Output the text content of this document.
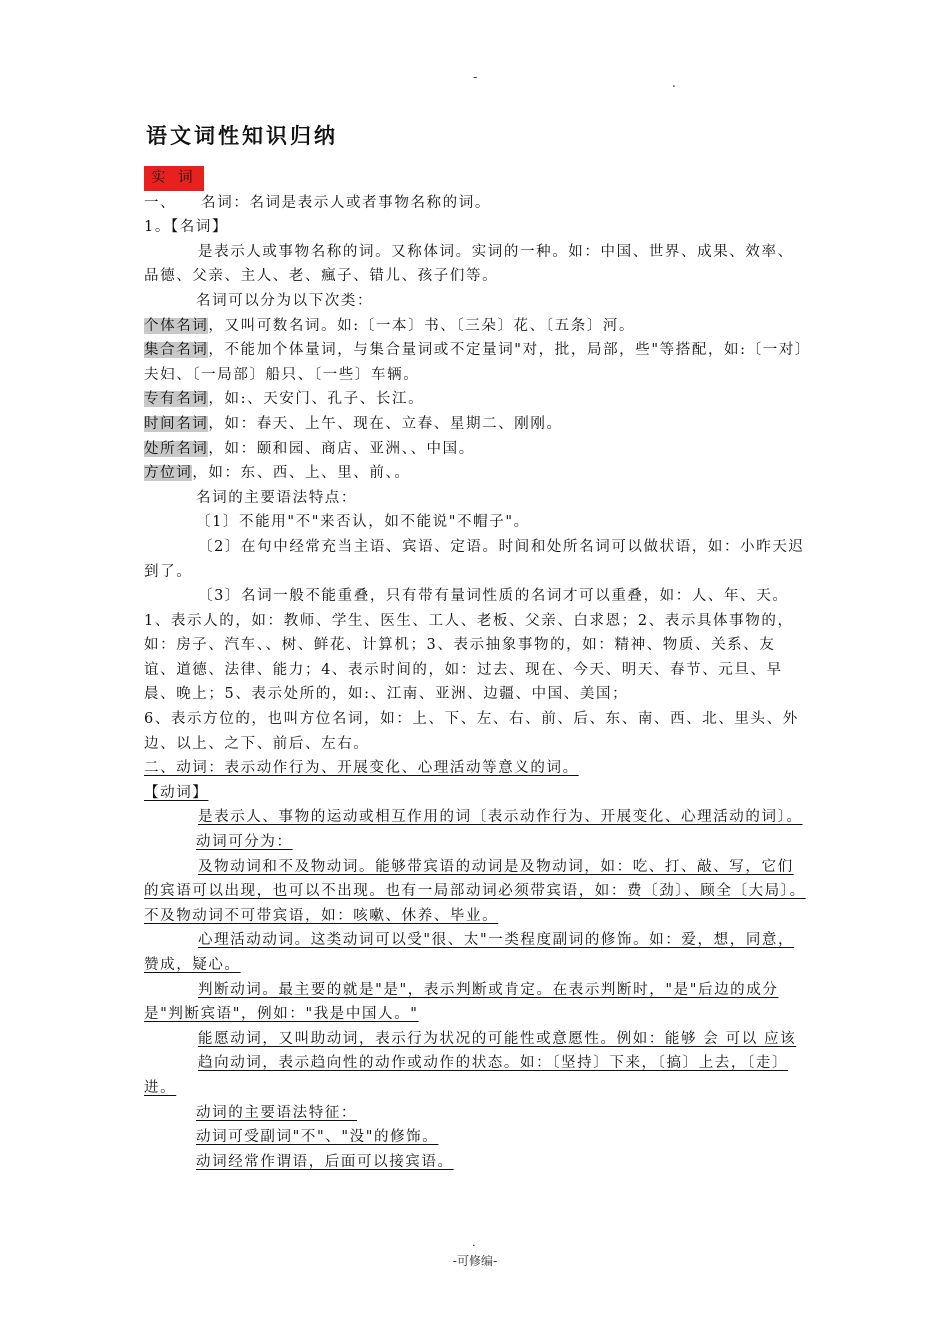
-	.
语文词性知识归纳

实 词

一、　　名词：名词是表示人或者事物名称的词。

1。【名词】

是表示人或事物名称的词。又称体词。实词的一种。如：中国、世界、成果、效率、品德、父亲、主人、老、瘋子、错儿、孩子们等。

名词可以分为以下次类：

个体名词，又叫可数名词。如:〔一本〕书、〔三朵〕花、〔五条〕河。

集合名词，不能加个体量词，与集合量词或不定量词"对，批，局部，些"等搭配，如:〔一对〕夫妇、〔一局部〕船只、〔一些〕车辆。

专有名词，如:、天安门、孔子、长江。

时间名词，如：春天、上午、现在、立春、星期二、刚刚。

处所名词，如：颐和园、商店、亚洲、、中国。

方位词，如：东、西、上、里、前、。

名词的主要语法特点：

〔1〕不能用"不"来否认，如不能说"不帽子"。

〔2〕在句中经常充当主语、宾语、定语。时间和处所名词可以做状语，如：小昨天迟到了。

〔3〕名词一般不能重叠，只有带有量词性质的名词才可以重叠，如：人、年、天。

1、表示人的，如：教师、学生、医生、工人、老板、父亲、白求恩；2、表示具体事物的，如：房子、汽车、、树、鲜花、计算机；3、表示抽象事物的，如：精神、物质、关系、友谊、道德、法律、能力；4、表示时间的，如：过去、现在、今天、明天、春节、元旦、早晨、晚上；5、表示处所的，如:、江南、亚洲、边疆、中国、美国；

6、表示方位的，也叫方位名词，如：上、下、左、右、前、后、东、南、西、北、里头、外边、以上、之下、前后、左右。

二、动词：表示动作行为、开展变化、心理活动等意义的词。

【动词】

是表示人、事物的运动或相互作用的词〔表示动作行为、开展变化、心理活动的词〕。

动词可分为：

及物动词和不及物动词。能够带宾语的动词是及物动词，如：吃、打、敲、写，它们的宾语可以出现，也可以不出现。也有一局部动词必须带宾语，如：费〔劲〕、顾全〔大局〕。不及物动词不可带宾语，如：咳嗽、休养、毕业。

心理活动动词。这类动词可以受"很、太"一类程度副词的修饰。如：爱，想，同意，赞成，疑心。

判断动词。最主要的就是"是"，表示判断或肯定。在表示判断时，"是"后边的成分是"判断宾语"，例如："我是中国人。"

能愿动词，又叫助动词，表示行为状况的可能性或意愿性。例如：能够 会 可以 应该

趋向动词，表示趋向性的动作或动作的状态。如：〔坚持〕下来，〔搞〕上去，〔走〕进。

动词的主要语法特征：

动词可受副词"不"、"没"的修饰。

动词经常作谓语，后面可以接宾语。

.
-可修编-
